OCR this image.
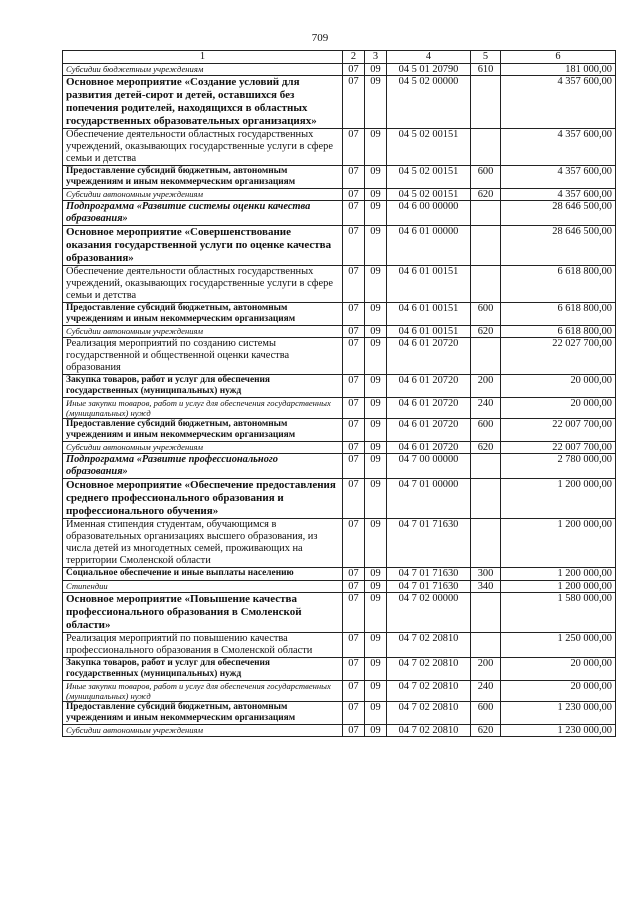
709
1	2	3	4	5	6
Субсидии бюджетным учреждениям	07	09	04 5 01 20790	610	181 000,00
Основное мероприятие «Создание условий для развития детей-сирот и детей, оставшихся без попечения родителей, находящихся в областных государственных образовательных организациях»	07	09	04 5 02 00000		4 357 600,00
Обеспечение деятельности областных государственных учреждений, оказывающих государственные услуги в сфере семьи и детства	07	09	04 5 02 00151		4 357 600,00
Предоставление субсидий бюджетным, автономным учреждениям и иным некоммерческим организациям	07	09	04 5 02 00151	600	4 357 600,00
Субсидии автономным учреждениям	07	09	04 5 02 00151	620	4 357 600,00
Подпрограмма «Развитие системы оценки качества образования»	07	09	04 6 00 00000		28 646 500,00
Основное мероприятие «Совершенствование оказания государственной услуги по оценке качества образования»	07	09	04 6 01 00000		28 646 500,00
Обеспечение деятельности областных государственных учреждений, оказывающих государственные услуги в сфере семьи и детства	07	09	04 6 01 00151		6 618 800,00
Предоставление субсидий бюджетным, автономным учреждениям и иным некоммерческим организациям	07	09	04 6 01 00151	600	6 618 800,00
Субсидии автономным учреждениям	07	09	04 6 01 00151	620	6 618 800,00
Реализация мероприятий по созданию системы государственной и общественной оценки качества образования	07	09	04 6 01 20720		22 027 700,00
Закупка товаров, работ и услуг для обеспечения государственных (муниципальных) нужд	07	09	04 6 01 20720	200	20 000,00
Иные закупки товаров, работ и услуг для обеспечения государственных (муниципальных) нужд	07	09	04 6 01 20720	240	20 000,00
Предоставление субсидий бюджетным, автономным учреждениям и иным некоммерческим организациям	07	09	04 6 01 20720	600	22 007 700,00
Субсидии автономным учреждениям	07	09	04 6 01 20720	620	22 007 700,00
Подпрограмма «Развитие профессионального образования»	07	09	04 7 00 00000		2 780 000,00
Основное мероприятие «Обеспечение предоставления среднего профессионального образования и профессионального обучения»	07	09	04 7 01 00000		1 200 000,00
Именная стипендия студентам, обучающимся в образовательных организациях высшего образования, из числа детей из многодетных семей, проживающих на территории Смоленской области	07	09	04 7 01 71630		1 200 000,00
Социальное обеспечение и иные выплаты населению	07	09	04 7 01 71630	300	1 200 000,00
Стипендии	07	09	04 7 01 71630	340	1 200 000,00
Основное мероприятие «Повышение качества профессионального образования в Смоленской области»	07	09	04 7 02 00000		1 580 000,00
Реализация мероприятий по повышению качества профессионального образования в Смоленской области	07	09	04 7 02 20810		1 250 000,00
Закупка товаров, работ и услуг для обеспечения государственных (муниципальных) нужд	07	09	04 7 02 20810	200	20 000,00
Иные закупки товаров, работ и услуг для обеспечения государственных (муниципальных) нужд	07	09	04 7 02 20810	240	20 000,00
Предоставление субсидий бюджетным, автономным учреждениям и иным некоммерческим организациям	07	09	04 7 02 20810	600	1 230 000,00
Субсидии автономным учреждениям	07	09	04 7 02 20810	620	1 230 000,00
